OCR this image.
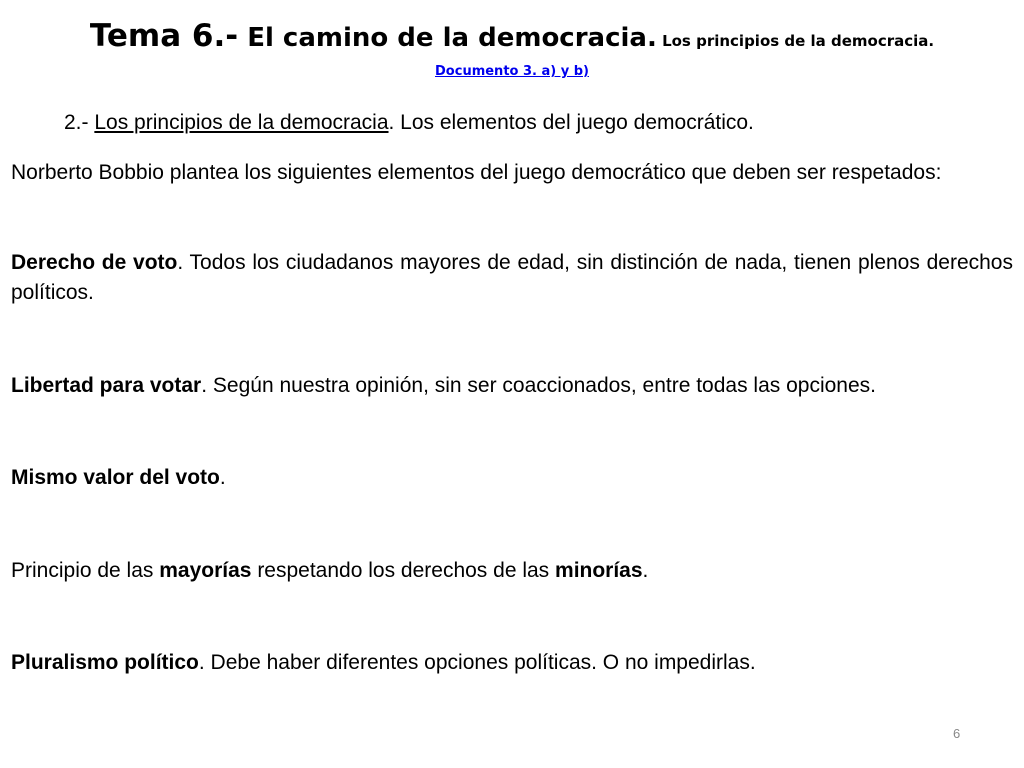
Tema 6.- El camino de la democracia. Los principios de la democracia.
Documento 3. a) y b)
2.- Los principios de la democracia. Los elementos del juego democrático.
Norberto Bobbio plantea los siguientes elementos del juego democrático que deben ser respetados:
Derecho de voto. Todos los ciudadanos mayores de edad, sin distinción de nada, tienen plenos derechos políticos.
Libertad para votar. Según nuestra opinión, sin ser coaccionados, entre todas las opciones.
Mismo valor del voto.
Principio de las mayorías respetando los derechos de las minorías.
Pluralismo político. Debe haber diferentes opciones políticas. O no impedirlas.
6
